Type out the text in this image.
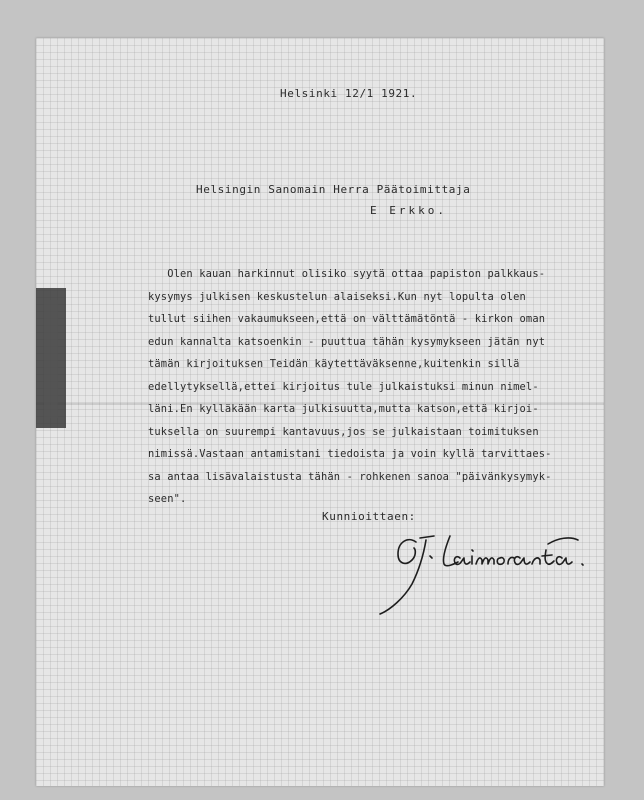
Helsinki 12/1 1921.
Helsingin Sanomain Herra Päätoimittaja
E Erkko.
Olen kauan harkinnut olisiko syytä ottaa papiston palkkaus-
kysymys julkisen keskustelun alaiseksi.Kun nyt lopulta olen
tullut siihen vakaumukseen,että on välttämätöntä - kirkon oman
edun kannalta katsoenkin - puuttua tähän kysymykseen jätän nyt
tämän kirjoituksen Teidän käytettäväksenne,kuitenkin sillä
edellytyksellä,ettei kirjoitus tule julkaistuksi minun nimel-
läni.En kylläkään karta julkisuutta,mutta katson,että kirjoi-
tuksella on suurempi kantavuus,jos se julkaistaan toimituksen
nimissä.Vastaan antamistani tiedoista ja voin kyllä tarvittaes-
sa antaa lisävalaistusta tähän - rohkenen sanoa "päivänkysymyk-
seen".
Kunnioittaen:
